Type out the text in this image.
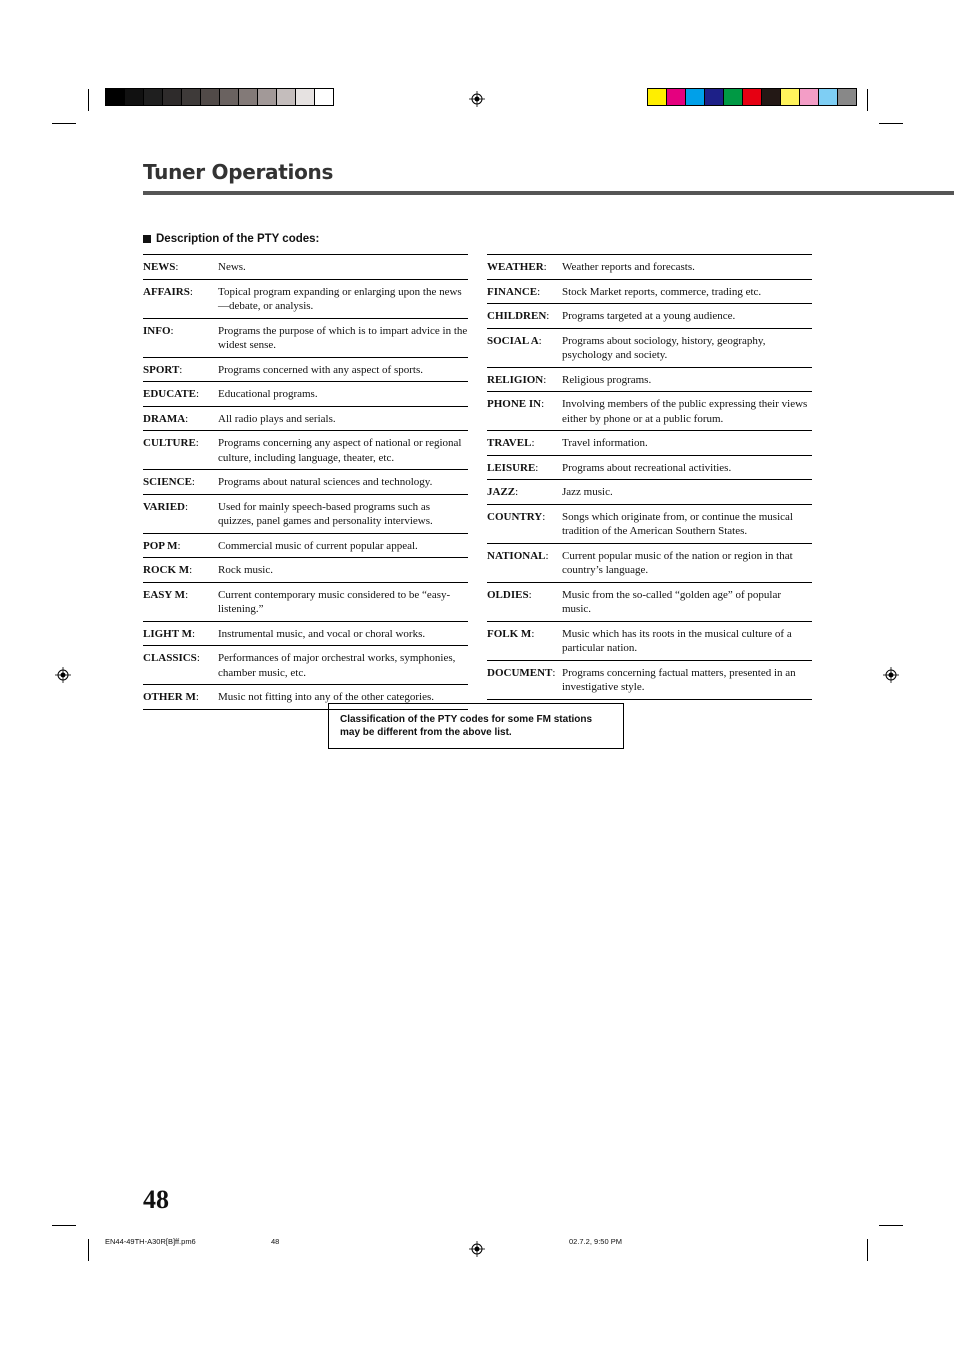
Tuner Operations
Description of the PTY codes:
NEWS:	News.
AFFAIRS:	Topical program expanding or enlarging upon the news—debate, or analysis.
INFO:	Programs the purpose of which is to impart advice in the widest sense.
SPORT:	Programs concerned with any aspect of sports.
EDUCATE:	Educational programs.
DRAMA:	All radio plays and serials.
CULTURE:	Programs concerning any aspect of national or regional culture, including language, theater, etc.
SCIENCE:	Programs about natural sciences and technology.
VARIED:	Used for mainly speech-based programs such as quizzes, panel games and personality interviews.
POP M:	Commercial music of current popular appeal.
ROCK M:	Rock music.
EASY M:	Current contemporary music considered to be “easy-listening.”
LIGHT M:	Instrumental music, and vocal or choral works.
CLASSICS:	Performances of major orchestral works, symphonies, chamber music, etc.
OTHER M:	Music not fitting into any of the other categories.
WEATHER:	Weather reports and forecasts.
FINANCE:	Stock Market reports, commerce, trading etc.
CHILDREN:	Programs targeted at a young audience.
SOCIAL A:	Programs about sociology, history, geography, psychology and society.
RELIGION:	Religious programs.
PHONE IN:	Involving members of the public expressing their views either by phone or at a public forum.
TRAVEL:	Travel information.
LEISURE:	Programs about recreational activities.
JAZZ:	Jazz music.
COUNTRY:	Songs which originate from, or continue the musical tradition of the American Southern States.
NATIONAL:	Current popular music of the nation or region in that country’s language.
OLDIES:	Music from the so-called “golden age” of popular music.
FOLK M:	Music which has its roots in the musical culture of a particular nation.
DOCUMENT: Programs concerning factual matters, presented in an investigative style.
Classification of the PTY codes for some FM stations
may be different from the above list.
48
EN44-49TH-A30R[B]ff.pm6	48	02.7.2, 9:50 PM
